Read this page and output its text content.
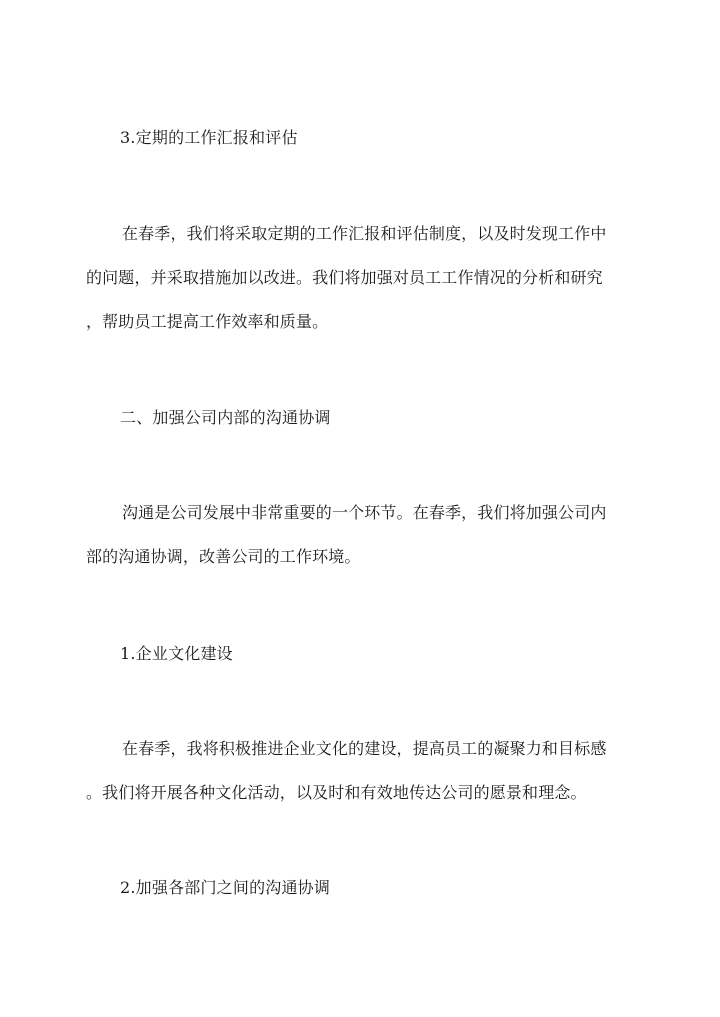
3.定期的工作汇报和评估
在春季，我们将采取定期的工作汇报和评估制度，以及时发现工作中
的问题，并采取措施加以改进。我们将加强对员工工作情况的分析和研究
，帮助员工提高工作效率和质量。
二、加强公司内部的沟通协调
沟通是公司发展中非常重要的一个环节。在春季，我们将加强公司内
部的沟通协调，改善公司的工作环境。
1.企业文化建设
在春季，我将积极推进企业文化的建设，提高员工的凝聚力和目标感
。我们将开展各种文化活动，以及时和有效地传达公司的愿景和理念。
2.加强各部门之间的沟通协调
